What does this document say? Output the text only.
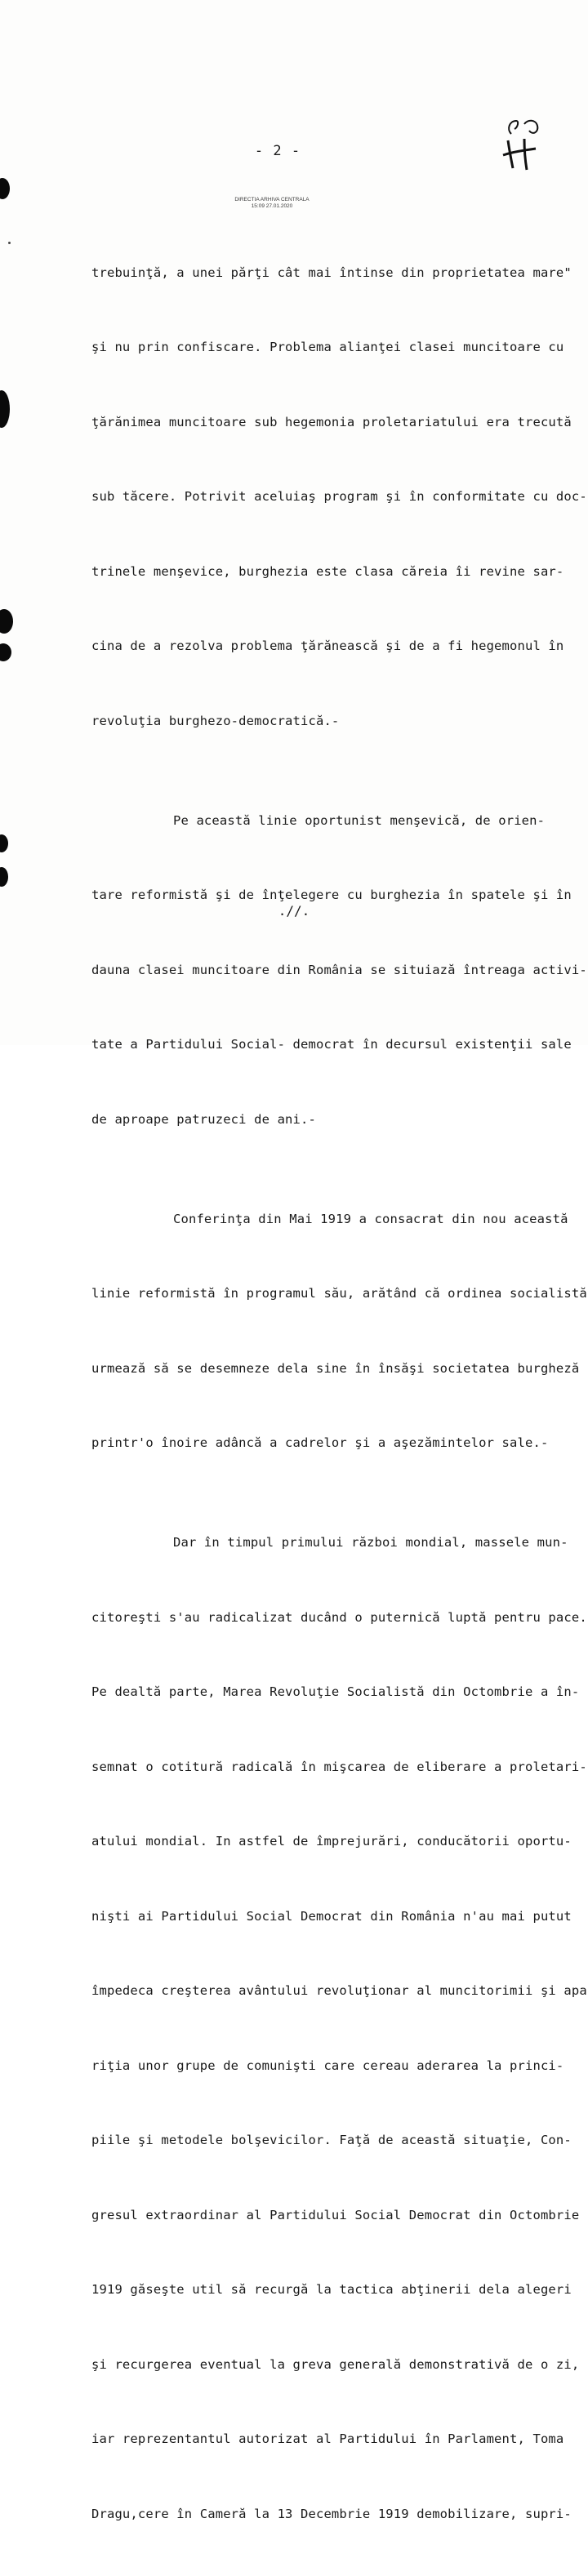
- 2 -
DIRECTIA ARHIVA CENTRALA
15:09 27.01.2020

trebuinţă, a unei părţi cât mai întinse din proprietatea mare"

şi nu prin confiscare. Problema alianţei clasei muncitoare cu

ţărănimea muncitoare sub hegemonia proletariatului era trecută

sub tăcere. Potrivit aceluiaş program şi în conformitate cu doc-

trinele menşevice, burghezia este clasa căreia îi revine sar-

cina de a rezolva problema ţărănească şi de a fi hegemonul în

revoluţia burghezo-democratică.-

Pe această linie oportunist menşevică, de orien-

tare reformistă şi de înţelegere cu burghezia în spatele şi în

dauna clasei muncitoare din România se situiază întreaga activi-

tate a Partidului Social- democrat în decursul existenţii sale

de aproape patruzeci de ani.-

Conferinţa din Mai 1919 a consacrat din nou această

linie reformistă în programul său, arătând că ordinea socialistă

urmează să se desemneze dela sine în însăşi societatea burgheză

printr'o înoire adâncă a cadrelor şi a aşezămintelor sale.-

Dar în timpul primului război mondial, massele mun-

citoreşti s'au radicalizat ducând o puternică luptă pentru pace.

Pe dealtă parte, Marea Revoluţie Socialistă din Octombrie a în-

semnat o cotitură radicală în mişcarea de eliberare a proletari-

atului mondial. In astfel de împrejurări, conducătorii oportu-

nişti ai Partidului Social Democrat din România n'au mai putut

împedeca creşterea avântului revoluţionar al muncitorimii şi apa

riţia unor grupe de comunişti care cereau aderarea la princi-

piile şi metodele bolşevicilor. Faţă de această situaţie, Con-

gresul extraordinar al Partidului Social Democrat din Octombrie

1919 găseşte util să recurgă la tactica abţinerii dela alegeri

şi recurgerea eventual la greva generală demonstrativă de o zi,

iar reprezentantul autorizat al Partidului în Parlament, Toma

Dragu,cere în Cameră la 13 Decembrie 1919 demobilizare, supri-

.//.
